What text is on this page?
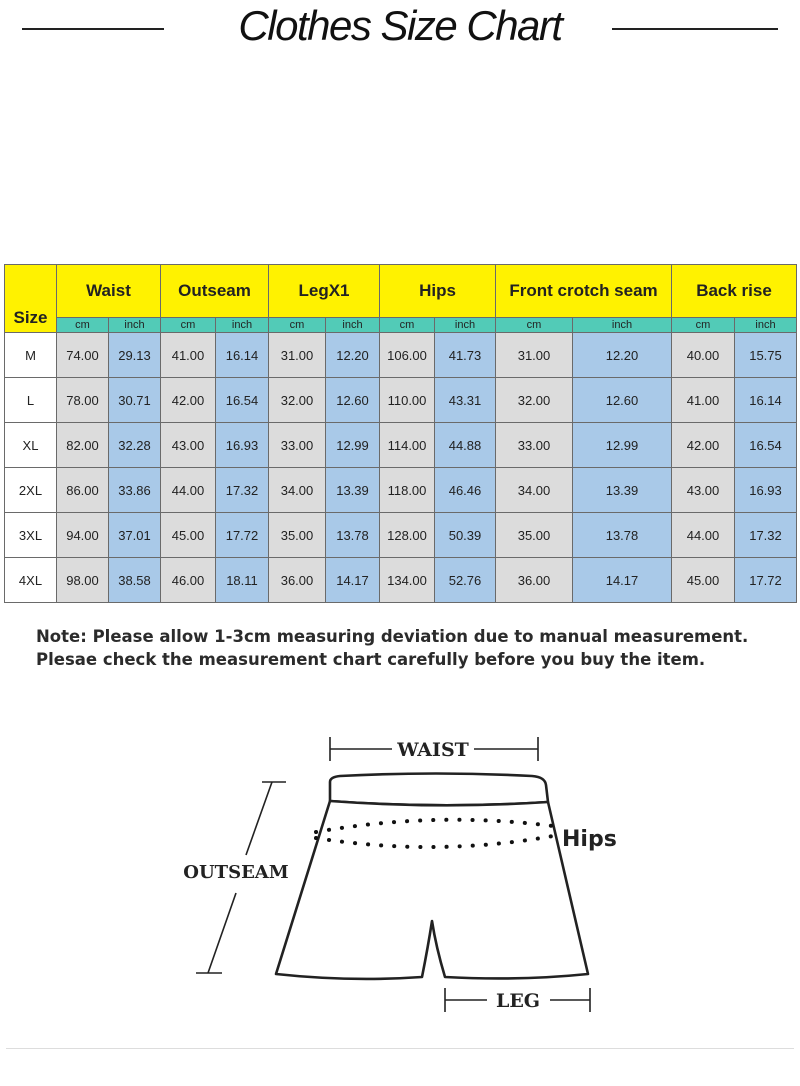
Clothes Size Chart
Size	Waist		Outseam		LegX1		Hips		Front crotch seam		Back rise	
	cm	inch	cm	inch	cm	inch	cm	inch	cm	inch	cm	inch
M	74.00	29.13	41.00	16.14	31.00	12.20	106.00	41.73	31.00	12.20	40.00	15.75
L	78.00	30.71	42.00	16.54	32.00	12.60	110.00	43.31	32.00	12.60	41.00	16.14
XL	82.00	32.28	43.00	16.93	33.00	12.99	114.00	44.88	33.00	12.99	42.00	16.54
2XL	86.00	33.86	44.00	17.32	34.00	13.39	118.00	46.46	34.00	13.39	43.00	16.93
3XL	94.00	37.01	45.00	17.72	35.00	13.78	128.00	50.39	35.00	13.78	44.00	17.32
4XL	98.00	38.58	46.00	18.11	36.00	14.17	134.00	52.76	36.00	14.17	45.00	17.72

Note: Please allow 1-3cm measuring deviation due to manual measurement.

Plesae check the measurement chart carefully before you buy the item.

WAIST
Hips
OUTSEAM
LEG
